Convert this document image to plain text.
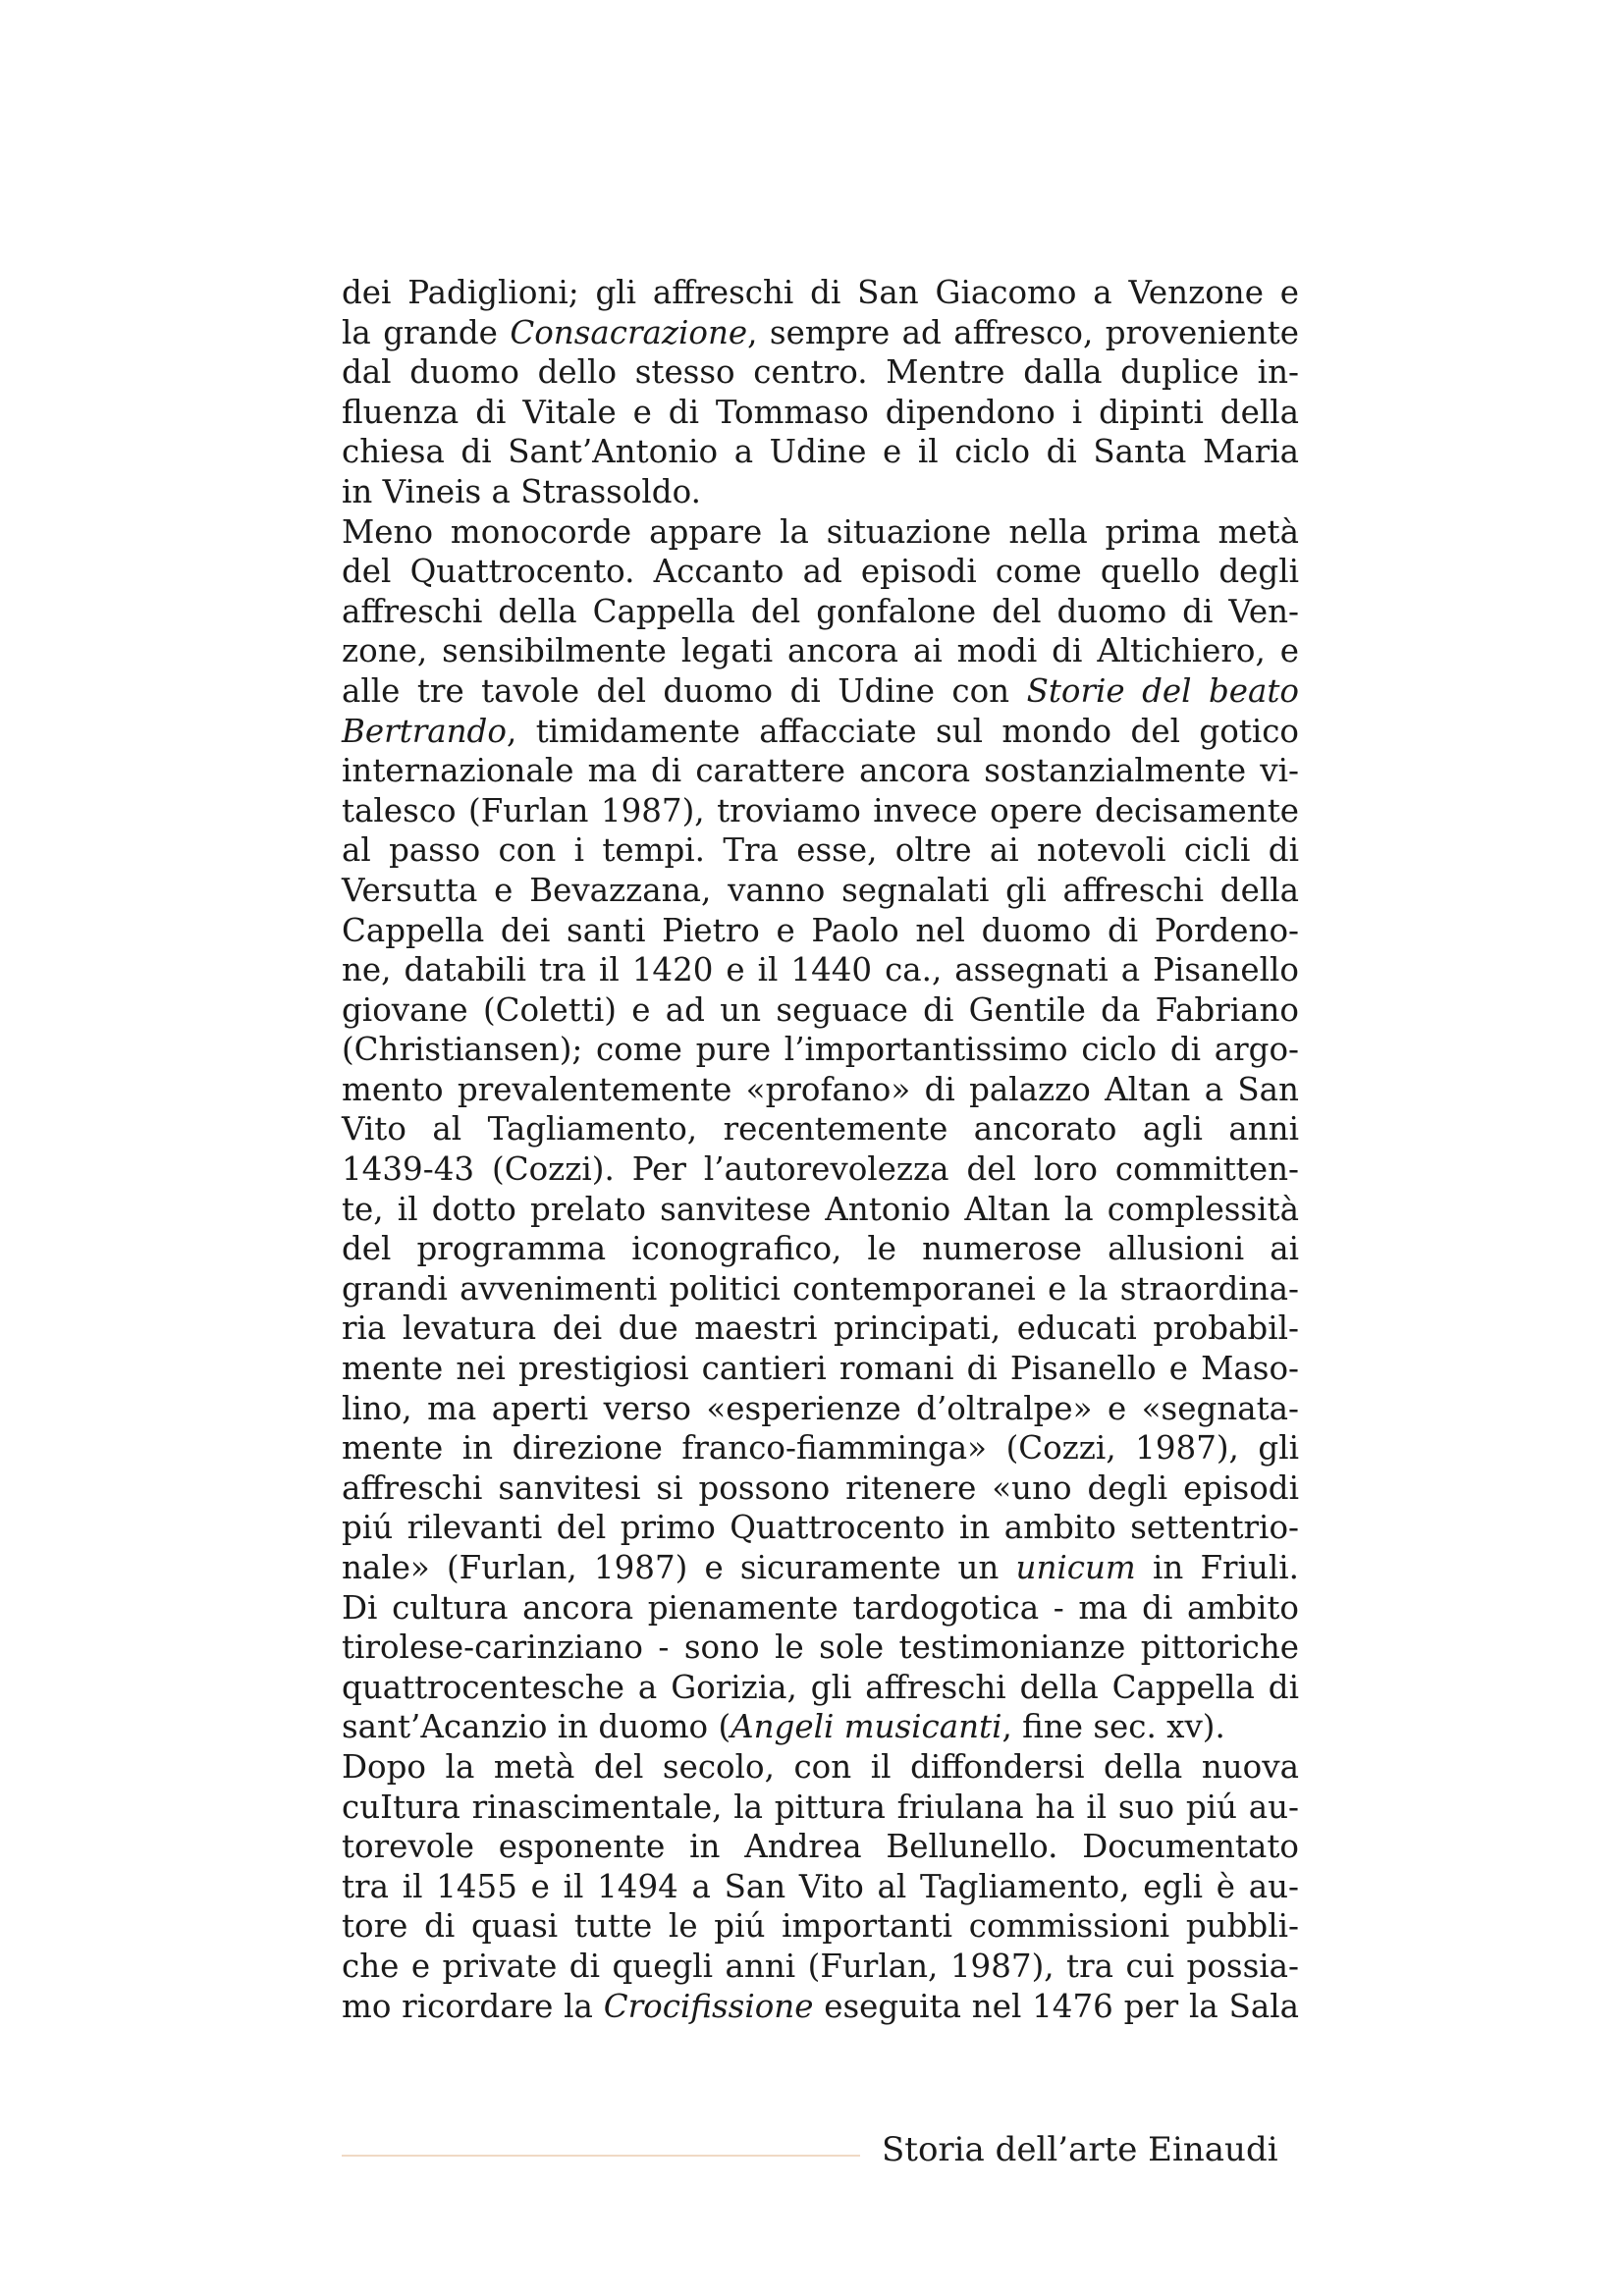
dei Padiglioni; gli affreschi di San Giacomo a Venzone e
la grande Consacrazione, sempre ad affresco, proveniente
dal duomo dello stesso centro. Mentre dalla duplice in-
fluenza di Vitale e di Tommaso dipendono i dipinti della
chiesa di Sant’Antonio a Udine e il ciclo di Santa Maria
in Vineis a Strassoldo.
Meno monocorde appare la situazione nella prima metà
del Quattrocento. Accanto ad episodi come quello degli
affreschi della Cappella del gonfalone del duomo di Ven-
zone, sensibilmente legati ancora ai modi di Altichiero, e
alle tre tavole del duomo di Udine con Storie del beato
Bertrando, timidamente affacciate sul mondo del gotico
internazionale ma di carattere ancora sostanzialmente vi-
talesco (Furlan 1987), troviamo invece opere decisamente
al passo con i tempi. Tra esse, oltre ai notevoli cicli di
Versutta e Bevazzana, vanno segnalati gli affreschi della
Cappella dei santi Pietro e Paolo nel duomo di Pordeno-
ne, databili tra il 1420 e il 1440 ca., assegnati a Pisanello
giovane (Coletti) e ad un seguace di Gentile da Fabriano
(Christiansen); come pure l’importantissimo ciclo di argo-
mento prevalentemente «profano» di palazzo Altan a San
Vito al Tagliamento, recentemente ancorato agli anni
1439-43 (Cozzi). Per l’autorevolezza del loro committen-
te, il dotto prelato sanvitese Antonio Altan la complessità
del programma iconografico, le numerose allusioni ai
grandi avvenimenti politici contemporanei e la straordina-
ria levatura dei due maestri principati, educati probabil-
mente nei prestigiosi cantieri romani di Pisanello e Maso-
lino, ma aperti verso «esperienze d’oltralpe» e «segnata-
mente in direzione franco-fiamminga» (Cozzi, 1987), gli
affreschi sanvitesi si possono ritenere «uno degli episodi
piú rilevanti del primo Quattrocento in ambito settentrio-
nale» (Furlan, 1987) e sicuramente un unicum in Friuli.
Di cultura ancora pienamente tardogotica - ma di ambito
tirolese-carinziano - sono le sole testimonianze pittoriche
quattrocentesche a Gorizia, gli affreschi della Cappella di
sant’Acanzio in duomo (Angeli musicanti, fine sec. xv).
Dopo la metà del secolo, con il diffondersi della nuova
cuItura rinascimentale, la pittura friulana ha il suo piú au-
torevole esponente in Andrea Bellunello. Documentato
tra il 1455 e il 1494 a San Vito al Tagliamento, egli è au-
tore di quasi tutte le piú importanti commissioni pubbli-
che e private di quegli anni (Furlan, 1987), tra cui possia-
mo ricordare la Crocifissione eseguita nel 1476 per la Sala
Storia dell’arte Einaudi
